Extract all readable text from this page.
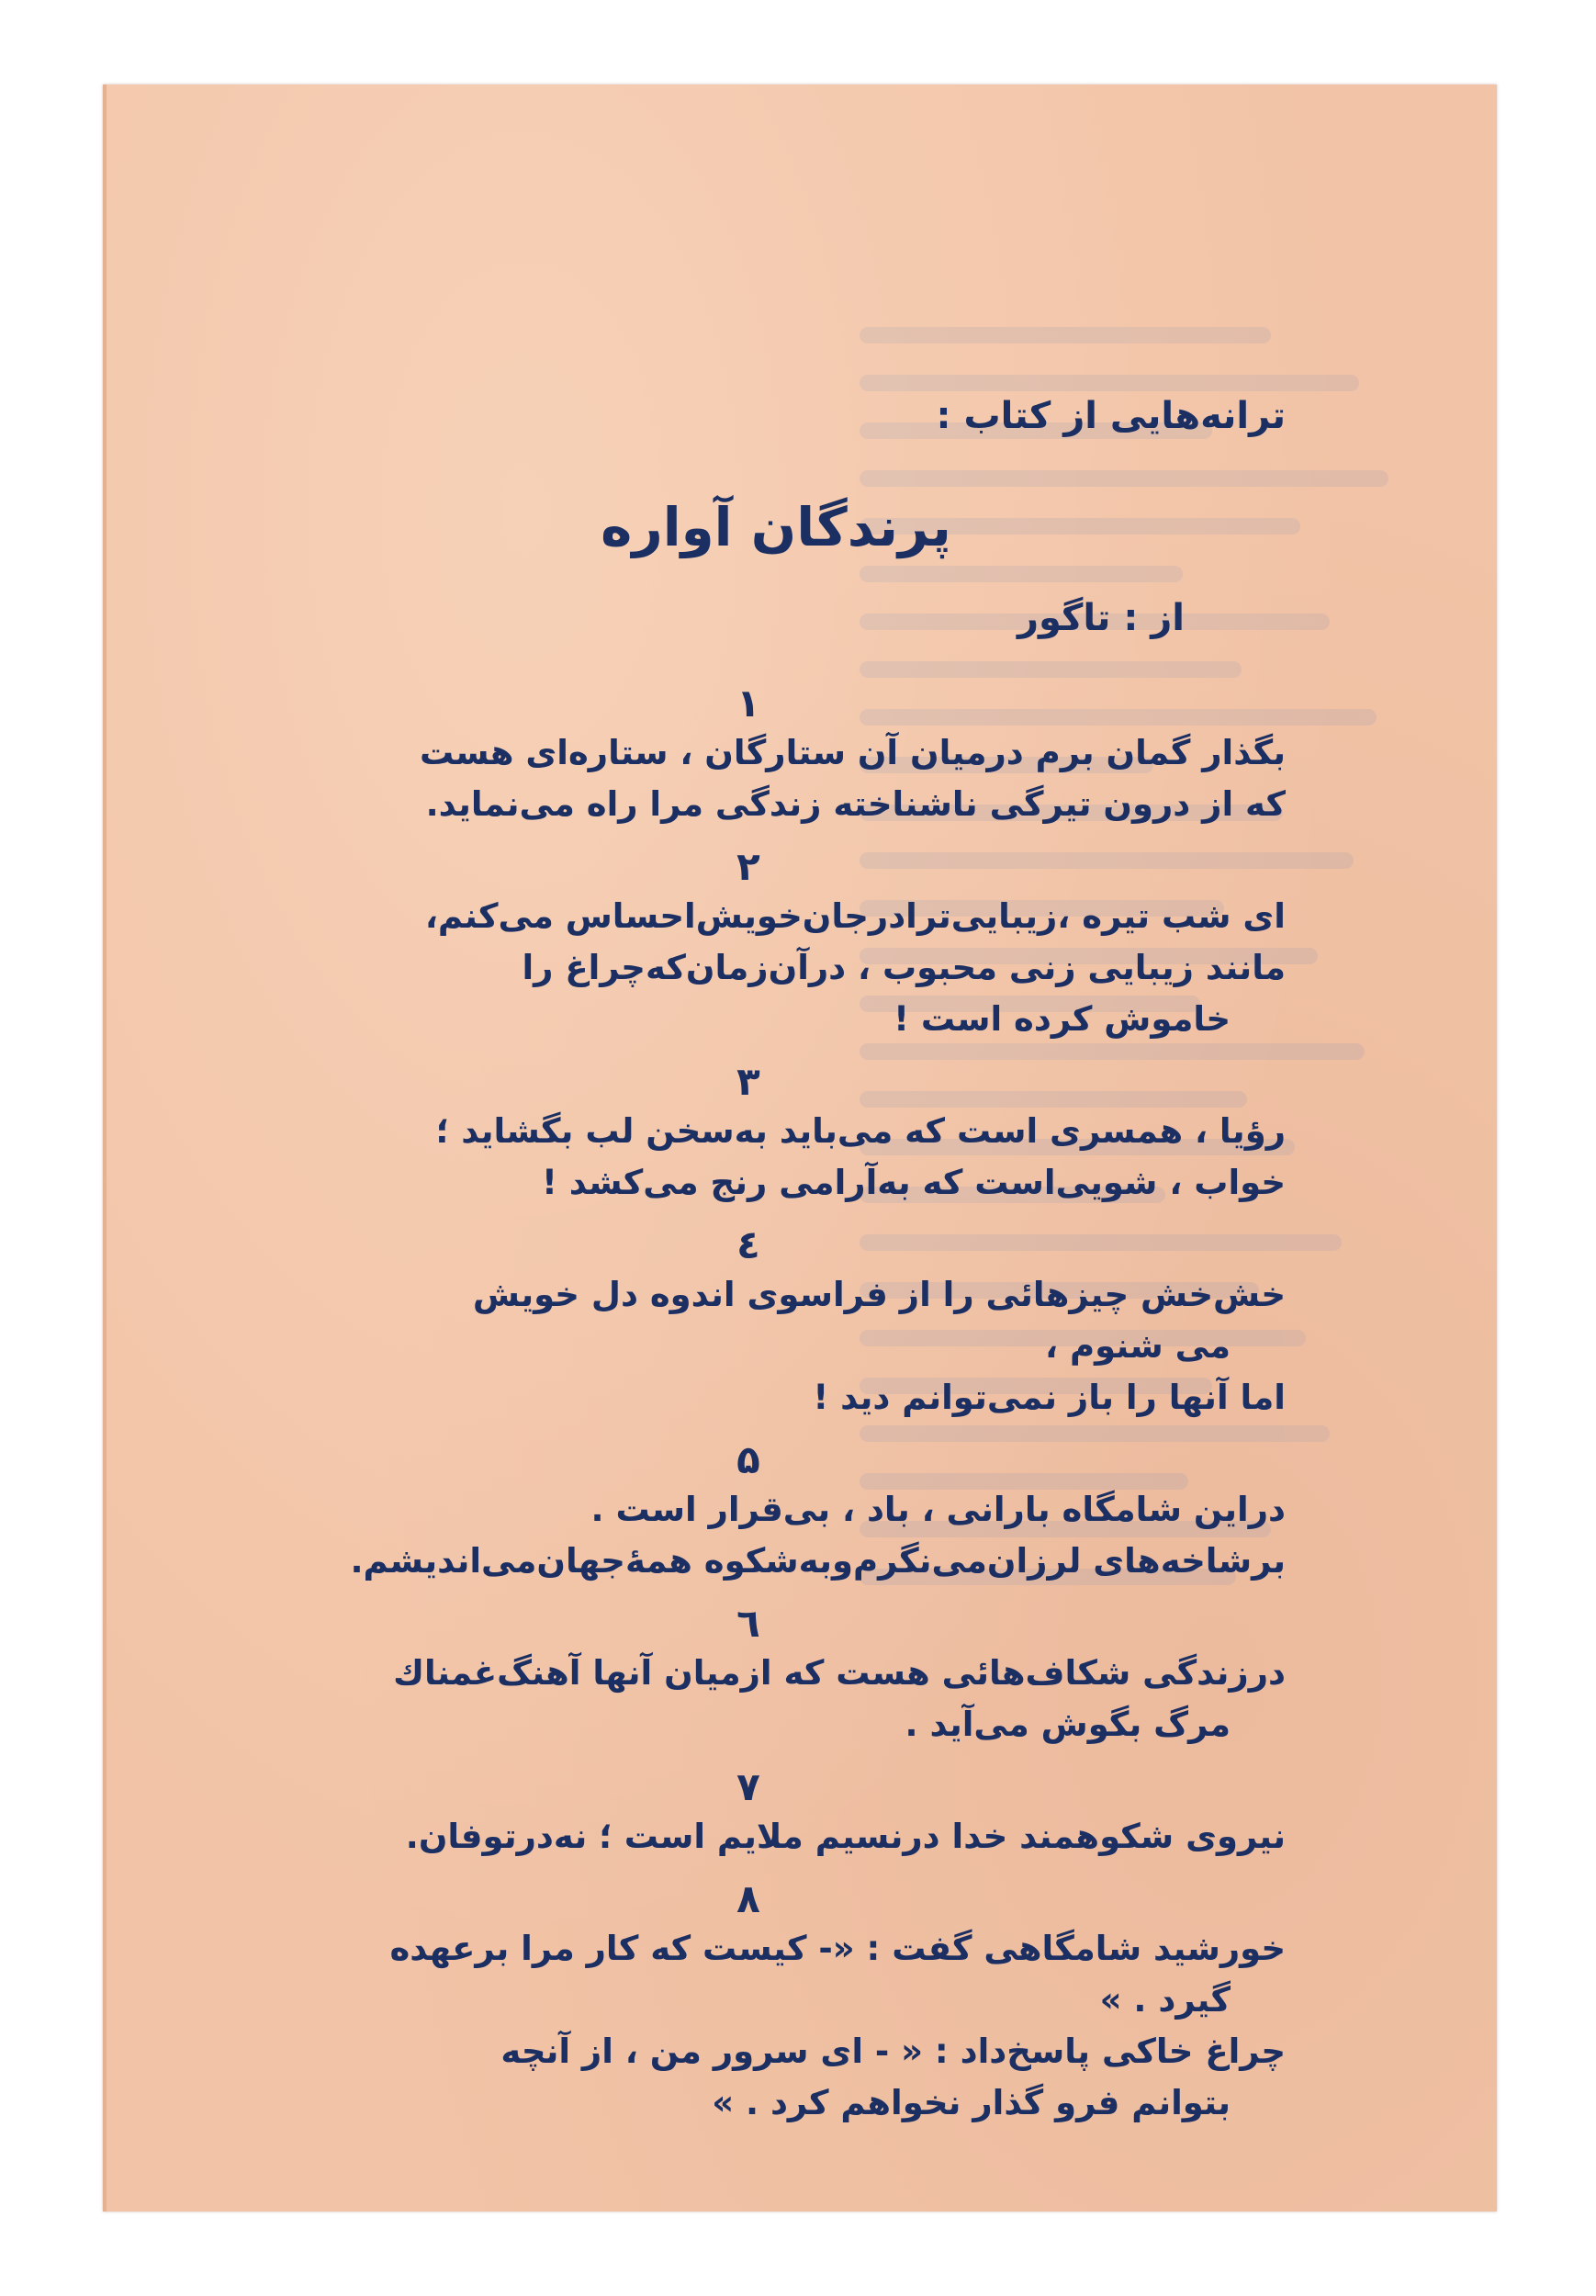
ترانه‌هایی از کتاب :
پرندگان آواره
از : تاگور
۱
بگذار گمان برم درمیان آن ستارگان ، ستاره‌ای هست
که از درون تیرگی ناشناخته زندگی مرا راه می‌نماید.
۲
ای شب تیره ،زیبایی‌ترادرجان‌خویش‌احساس می‌کنم،
مانند زیبایی زنی محبوب ، درآن‌زمان‌که‌چراغ را
خاموش کرده است !
۳
رؤیا ، همسری است که می‌باید به‌سخن لب بگشاید ؛
خواب ، شویی‌است که به‌آرامی رنج می‌کشد !
٤
خش‌خش چیزهائی را از فراسوی اندوه دل خویش
می شنوم ،
اما آنها را باز نمی‌توانم دید !
۵
دراین شامگاه بارانی ، باد ، بی‌قرار است .
برشاخه‌های لرزان‌می‌نگرم‌وبه‌شکوه همهٔ‌جهان‌می‌اندیشم.
٦
درزندگی شکاف‌هائی هست که ازمیان آنها آهنگ‌غمناك
مرگ بگوش می‌آید .
۷
نیروی شکوهمند خدا درنسیم ملایم است ؛ نه‌درتوفان.
۸
خورشید شامگاهی گفت : «- کیست که کار مرا برعهده
گیرد . »
چراغ خاکی پاسخ‌داد : « - ای سرور من ، از آنچه
بتوانم فرو گذار نخواهم کرد . »
